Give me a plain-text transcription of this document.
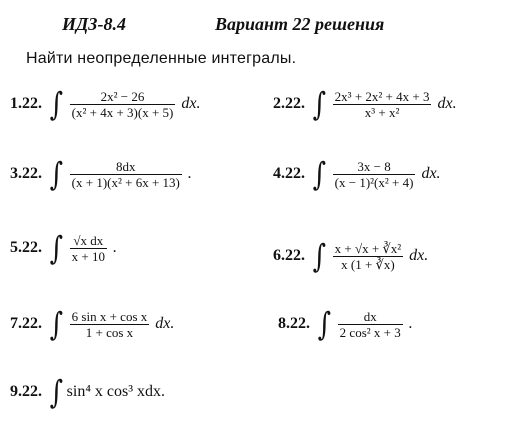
ИДЗ-8.4	Вариант 22 решения
Найти неопределенные интегралы.
1.22. ∫ $\frac{\text{2x² − 26}}{\text{(x² + 4x + 3)(x + 5)}}$ dx.	2.22. ∫ $\frac{\text{2x³ + 2x² + 4x + 3}}{\text{x³ + x²}}$ dx.
3.22. ∫ $\frac{8dx}{\text{(x + 1)(x² + 6x + 13)}}$ .	4.22. ∫ $\frac{3x - 8}{\text{(x − 1)²(x² + 4)}}$ dx.
5.22. ∫ $\frac{\text{√x dx}}{x + 10}$ .	6.22. ∫ $\frac{\text{x + √x + ∛x²}}{x (1 + ∛x)}$ dx.
7.22. ∫ $\frac{\text{6 sin x + cos x}}{\text{1 + cos x}}$ dx.	8.22. ∫ $\frac{dx}{\text{2 cos² x + 3}}$ .
9.22. ∫ sin⁴ x cos³ xdx.
